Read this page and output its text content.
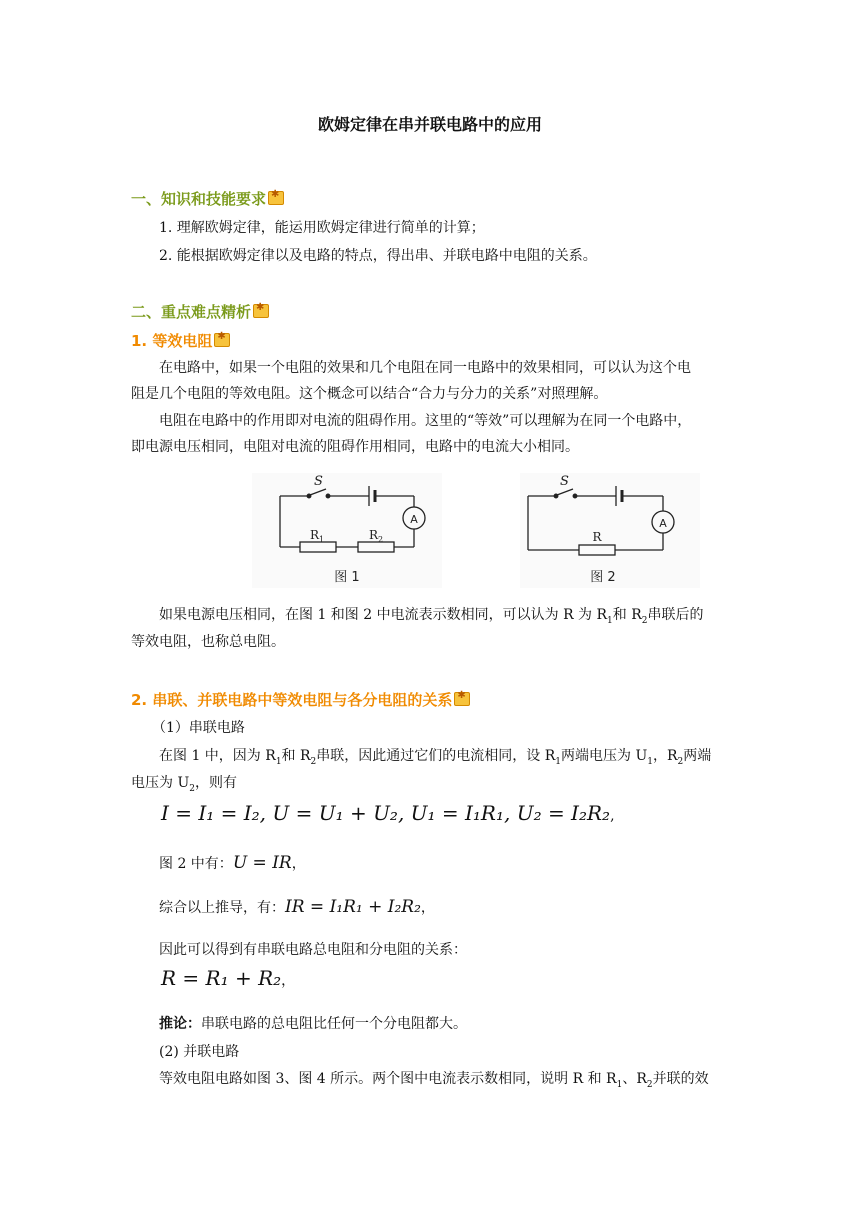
欧姆定律在串并联电路中的应用
一、知识和技能要求✱
1. 理解欧姆定律，能运用欧姆定律进行简单的计算；
2. 能根据欧姆定律以及电路的特点，得出串、并联电路中电阻的关系。
二、重点难点精析✱
1. 等效电阻✱
在电路中，如果一个电阻的效果和几个电阻在同一电路中的效果相同，可以认为这个电
阻是几个电阻的等效电阻。这个概念可以结合“合力与分力的关系”对照理解。
电阻在电路中的作用即对电流的阻碍作用。这里的“等效”可以理解为在同一个电路中，
即电源电压相同，电阻对电流的阻碍作用相同，电路中的电流大小相同。
S
A
$R_1$	$R_2$
图 1
S
A
R
图 2
如果电源电压相同，在图 1 和图 2 中电流表示数相同，可以认为 R 为 $R_1$和 $R_2$串联后的
等效电阻，也称总电阻。
2. 串联、并联电路中等效电阻与各分电阻的关系✱
（1）串联电路
在图 1 中，因为 $R_1$和 $R_2$串联，因此通过它们的电流相同，设 $R_1$两端电压为 $U_1$，$R_2$两端
电压为 $U_2$，则有
I = I₁ = I₂, U = U₁ + U₂, U₁ = I₁R₁, U₂ = I₂R₂,
图 2 中有：U = IR，
综合以上推导，有：IR = I₁R₁ + I₂R₂，
因此可以得到有串联电路总电阻和分电阻的关系：
R = R₁ + R₂，
推论：串联电路的总电阻比任何一个分电阻都大。
(2) 并联电路
等效电阻电路如图 3、图 4 所示。两个图中电流表示数相同，说明 R 和 $R_1$、$R_2$并联的效
